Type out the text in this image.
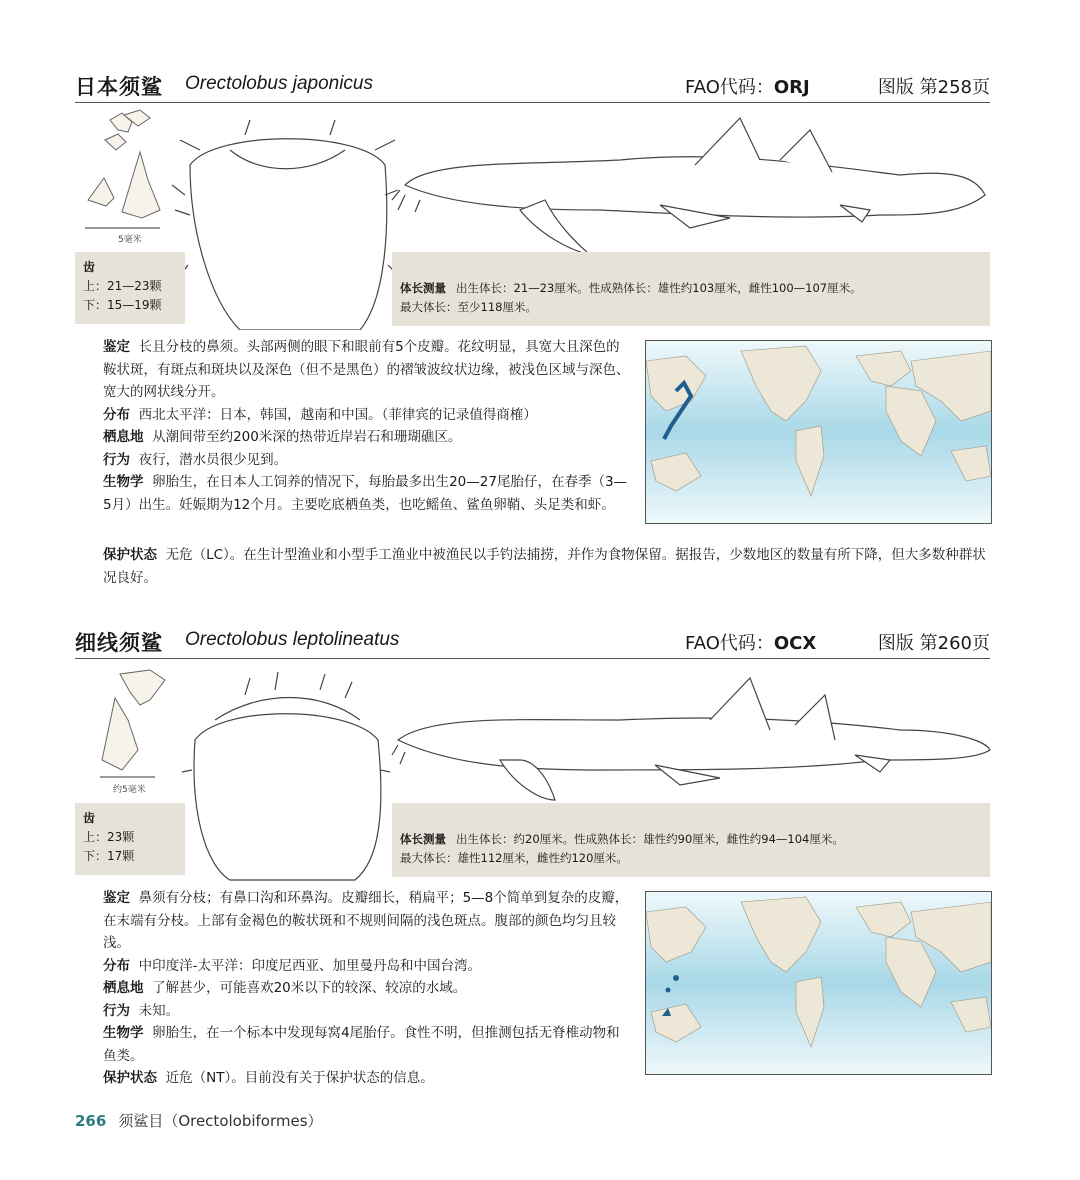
日本须鲨 Orectolobus japonicus	FAO代码：ORJ	图版 第258页
5毫米
齿
上：21—23颗
下：15—19颗
体长测量 出生体长：21—23厘米。性成熟体长：雄性约103厘米，雌性100—107厘米。
最大体长：至少118厘米。

鉴定 长且分枝的鼻须。头部两侧的眼下和眼前有5个皮瓣。花纹明显，具宽大且深色的鞍状斑，有斑点和斑块以及深色（但不是黑色）的褶皱波纹状边缘，被浅色区域与深色、宽大的网状线分开。

分布 西北太平洋：日本，韩国，越南和中国。（菲律宾的记录值得商榷）

栖息地 从潮间带至约200米深的热带近岸岩石和珊瑚礁区。

行为 夜行，潜水员很少见到。

生物学 卵胎生，在日本人工饲养的情况下，每胎最多出生20—27尾胎仔，在春季（3—5月）出生。妊娠期为12个月。主要吃底栖鱼类，也吃鳐鱼、鲨鱼卵鞘、头足类和虾。

保护状态 无危（LC）。在生计型渔业和小型手工渔业中被渔民以手钓法捕捞，并作为食物保留。据报告，少数地区的数量有所下降，但大多数种群状况良好。

细线须鲨 Orectolobus leptolineatus	FAO代码：OCX	图版 第260页
约5毫米
齿
上：23颗
下：17颗
体长测量 出生体长：约20厘米。性成熟体长：雄性约90厘米，雌性约94—104厘米。
最大体长：雄性112厘米，雌性约120厘米。

鉴定 鼻须有分枝；有鼻口沟和环鼻沟。皮瓣细长，稍扁平；5—8个简单到复杂的皮瓣，在末端有分枝。上部有金褐色的鞍状斑和不规则间隔的浅色斑点。腹部的颜色均匀且较浅。

分布 中印度洋-太平洋：印度尼西亚、加里曼丹岛和中国台湾。

栖息地 了解甚少，可能喜欢20米以下的较深、较凉的水域。

行为 未知。

生物学 卵胎生，在一个标本中发现每窝4尾胎仔。食性不明，但推测包括无脊椎动物和鱼类。

保护状态 近危（NT）。目前没有关于保护状态的信息。

266 须鲨目（Orectolobiformes）
